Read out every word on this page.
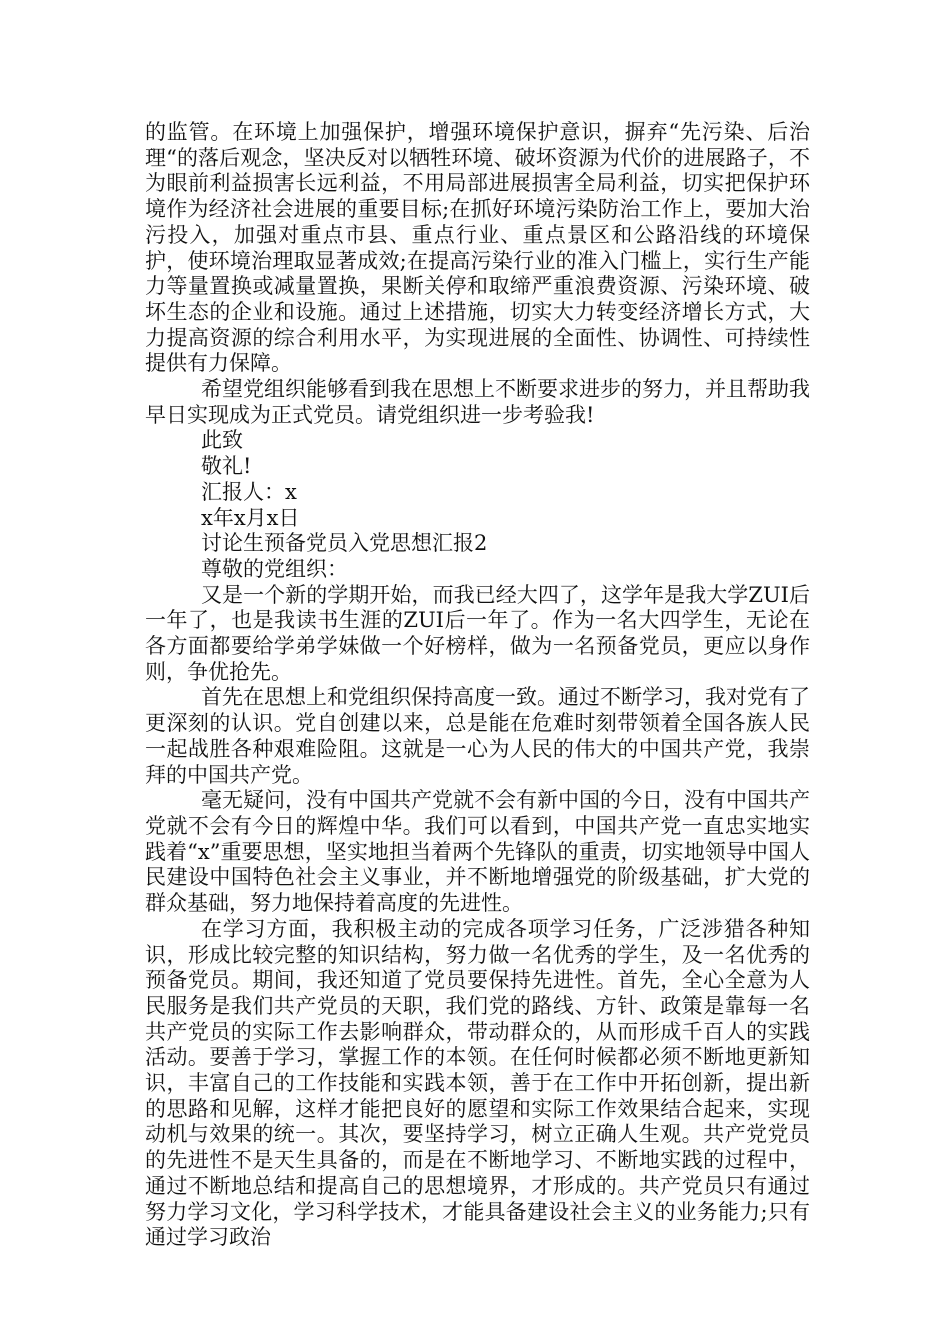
的监管。在环境上加强保护，增强环境保护意识，摒弃“先污染、后治理“的落后观念，坚决反对以牺牲环境、破坏资源为代价的进展路子，不为眼前利益损害长远利益，不用局部进展损害全局利益，切实把保护环境作为经济社会进展的重要目标;在抓好环境污染防治工作上，要加大治污投入，加强对重点市县、重点行业、重点景区和公路沿线的环境保护，使环境治理取显著成效;在提高污染行业的准入门槛上，实行生产能力等量置换或减量置换，果断关停和取缔严重浪费资源、污染环境、破坏生态的企业和设施。通过上述措施，切实大力转变经济增长方式，大力提高资源的综合利用水平，为实现进展的全面性、协调性、可持续性提供有力保障。

希望党组织能够看到我在思想上不断要求进步的努力，并且帮助我早日实现成为正式党员。请党组织进一步考验我!

此致

敬礼!

汇报人：x

x年x月x日

讨论生预备党员入党思想汇报2

尊敬的党组织：

又是一个新的学期开始，而我已经大四了，这学年是我大学ZUI后一年了，也是我读书生涯的ZUI后一年了。作为一名大四学生，无论在各方面都要给学弟学妹做一个好榜样，做为一名预备党员，更应以身作则，争优抢先。

首先在思想上和党组织保持高度一致。通过不断学习，我对党有了更深刻的认识。党自创建以来，总是能在危难时刻带领着全国各族人民一起战胜各种艰难险阻。这就是一心为人民的伟大的中国共产党，我崇拜的中国共产党。

毫无疑问，没有中国共产党就不会有新中国的今日，没有中国共产党就不会有今日的辉煌中华。我们可以看到，中国共产党一直忠实地实践着“x”重要思想，坚实地担当着两个先锋队的重责，切实地领导中国人民建设中国特色社会主义事业，并不断地增强党的阶级基础，扩大党的群众基础，努力地保持着高度的先进性。

在学习方面，我积极主动的完成各项学习任务，广泛涉猎各种知识，形成比较完整的知识结构，努力做一名优秀的学生，及一名优秀的预备党员。期间，我还知道了党员要保持先进性。首先，全心全意为人民服务是我们共产党员的天职，我们党的路线、方针、政策是靠每一名共产党员的实际工作去影响群众，带动群众的，从而形成千百人的实践活动。要善于学习，掌握工作的本领。在任何时候都必须不断地更新知识，丰富自己的工作技能和实践本领，善于在工作中开拓创新，提出新的思路和见解，这样才能把良好的愿望和实际工作效果结合起来，实现动机与效果的统一。其次，要坚持学习，树立正确人生观。共产党党员的先进性不是天生具备的，而是在不断地学习、不断地实践的过程中，通过不断地总结和提高自己的思想境界，才形成的。共产党员只有通过努力学习文化，学习科学技术，才能具备建设社会主义的业务能力;只有通过学习政治
